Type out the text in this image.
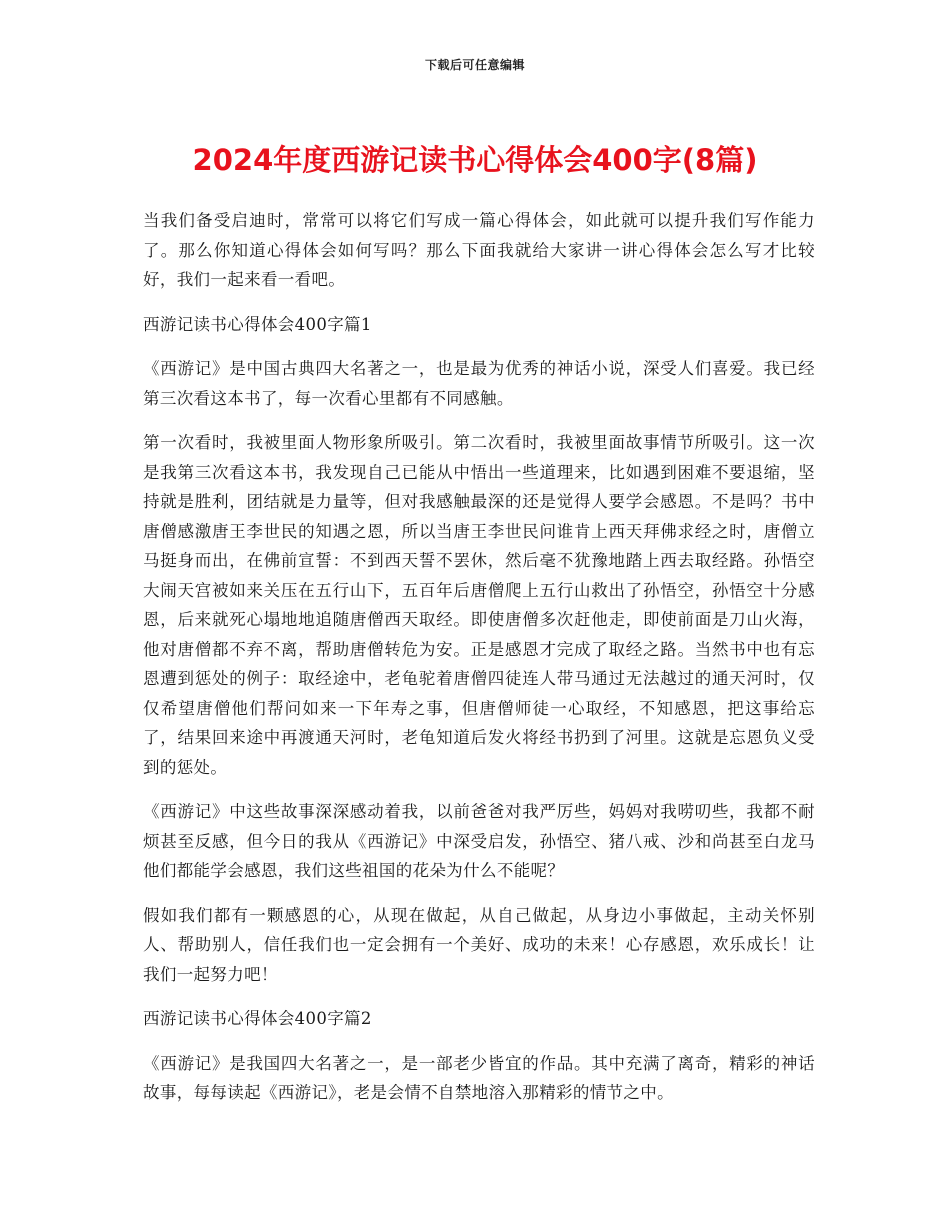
下载后可任意编辑
2024年度西游记读书心得体会400字(8篇)

当我们备受启迪时，常常可以将它们写成一篇心得体会，如此就可以提升我们写作能力了。那么你知道心得体会如何写吗？那么下面我就给大家讲一讲心得体会怎么写才比较好，我们一起来看一看吧。

西游记读书心得体会400字篇1

《西游记》是中国古典四大名著之一，也是最为优秀的神话小说，深受人们喜爱。我已经第三次看这本书了，每一次看心里都有不同感触。

第一次看时，我被里面人物形象所吸引。第二次看时，我被里面故事情节所吸引。这一次是我第三次看这本书，我发现自己已能从中悟出一些道理来，比如遇到困难不要退缩，坚持就是胜利，团结就是力量等，但对我感触最深的还是觉得人要学会感恩。不是吗？书中唐僧感激唐王李世民的知遇之恩，所以当唐王李世民问谁肯上西天拜佛求经之时，唐僧立马挺身而出，在佛前宣誓：不到西天誓不罢休，然后毫不犹豫地踏上西去取经路。孙悟空大闹天宫被如来关压在五行山下，五百年后唐僧爬上五行山救出了孙悟空，孙悟空十分感恩，后来就死心塌地地追随唐僧西天取经。即使唐僧多次赶他走，即使前面是刀山火海，他对唐僧都不弃不离，帮助唐僧转危为安。正是感恩才完成了取经之路。当然书中也有忘恩遭到惩处的例子：取经途中，老龟驼着唐僧四徒连人带马通过无法越过的通天河时，仅仅希望唐僧他们帮问如来一下年寿之事，但唐僧师徒一心取经，不知感恩，把这事给忘了，结果回来途中再渡通天河时，老龟知道后发火将经书扔到了河里。这就是忘恩负义受到的惩处。

《西游记》中这些故事深深感动着我，以前爸爸对我严厉些，妈妈对我唠叨些，我都不耐烦甚至反感，但今日的我从《西游记》中深受启发，孙悟空、猪八戒、沙和尚甚至白龙马他们都能学会感恩，我们这些祖国的花朵为什么不能呢？

假如我们都有一颗感恩的心，从现在做起，从自己做起，从身边小事做起，主动关怀别人、帮助别人，信任我们也一定会拥有一个美好、成功的未来！心存感恩，欢乐成长！让我们一起努力吧！

西游记读书心得体会400字篇2

《西游记》是我国四大名著之一，是一部老少皆宜的作品。其中充满了离奇，精彩的神话故事，每每读起《西游记》，老是会情不自禁地溶入那精彩的情节之中。
